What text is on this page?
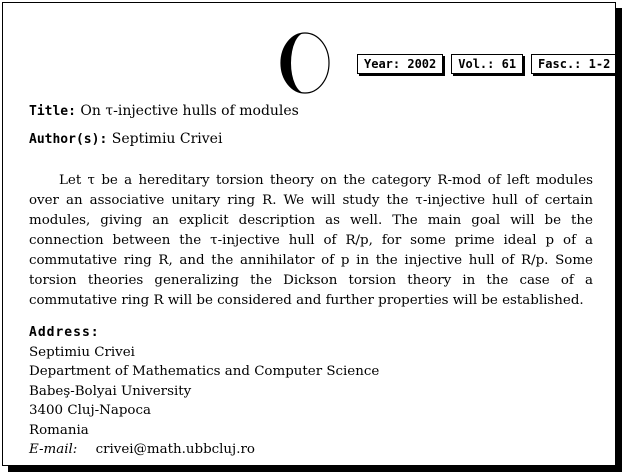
Year: 2002	Vol.: 61	Fasc.: 1-2
Title: On τ-injective hulls of modules
Author(s): Septimiu Crivei

Let τ be a hereditary torsion theory on the category R-mod of left modules over an associative unitary ring R. We will study the τ-injective hull of certain modules, giving an explicit description as well. The main goal will be the connection between the τ-injective hull of R/p, for some prime ideal p of a commutative ring R, and the annihilator of p in the injective hull of R/p. Some torsion theories generalizing the Dickson torsion theory in the case of a commutative ring R will be considered and further properties will be established.

Address:
Septimiu Crivei
Department of Mathematics and Computer Science
Babeş-Bolyai University
3400 Cluj-Napoca
Romania
E-mail: crivei@math.ubbcluj.ro
